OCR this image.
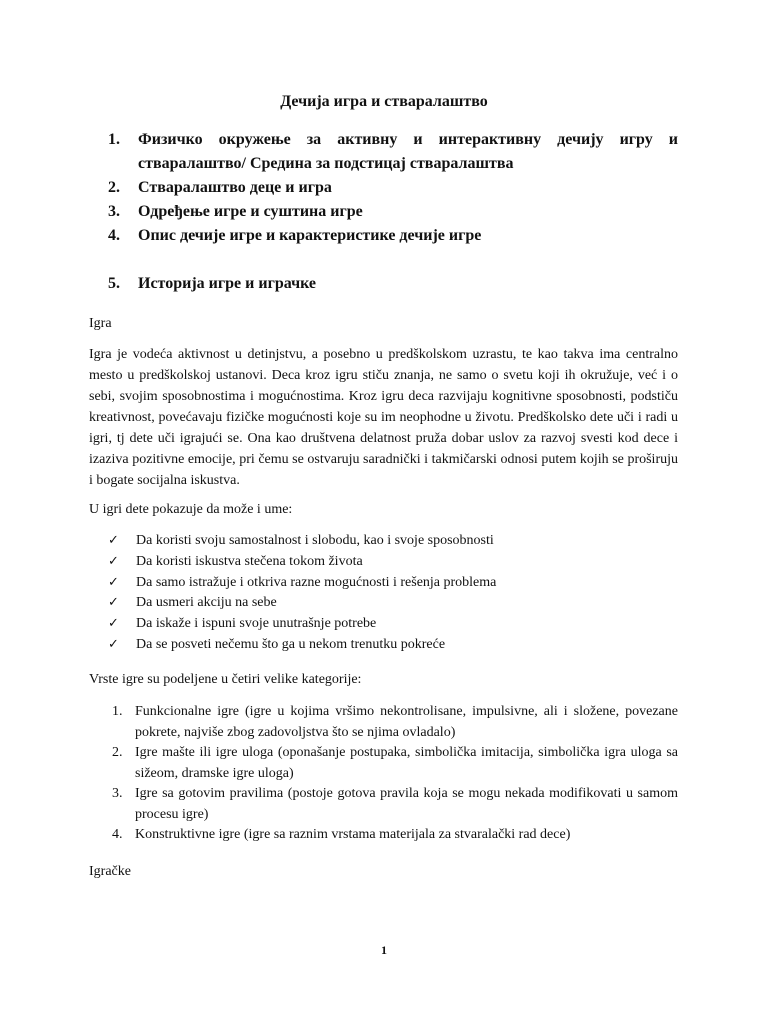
Дечија игра и стваралаштво
1. Физичко окружење за активну и интерактивну дечију игру и стваралаштво/ Средина за подстицај стваралаштва
2. Стваралаштво деце и игра
3. Одређење игре и суштина игре
4. Опис дечије игре и карактеристике дечије игре
5. Историја игре и играчке

Igra

Igra je vodeća aktivnost u detinjstvu, a posebno u predškolskom uzrastu, te kao takva ima centralno mesto u predškolskoj ustanovi. Deca kroz igru stiču znanja, ne samo o svetu koji ih okružuje, već i o sebi, svojim sposobnostima i mogućnostima. Kroz igru deca razvijaju kognitivne sposobnosti, podstiču kreativnost, povećavaju fizičke mogućnosti koje su im neophodne u životu. Predškolsko dete uči i radi u igri, tj dete uči igrajući se. Ona kao društvena delatnost pruža dobar uslov za razvoj svesti kod dece i izaziva pozitivne emocije, pri čemu se ostvaruju saradnički i takmičarski odnosi putem kojih se proširuju i bogate socijalna iskustva.

U igri dete pokazuje da može i ume:

✓ Da koristi svoju samostalnost i slobodu, kao i svoje sposobnosti
✓ Da koristi iskustva stečena tokom života
✓ Da samo istražuje i otkriva razne mogućnosti i rešenja problema
✓ Da usmeri akciju na sebe
✓ Da iskaže i ispuni svoje unutrašnje potrebe
✓ Da se posveti nečemu što ga u nekom trenutku pokreće

Vrste igre su podeljene u četiri velike kategorije:

1. Funkcionalne igre (igre u kojima vršimo nekontrolisane, impulsivne, ali i složene, povezane pokrete, najviše zbog zadovoljstva što se njima ovladalo)
2. Igre mašte ili igre uloga (oponašanje postupaka, simbolička imitacija, simbolička igra uloga sa sižeom, dramske igre uloga)
3. Igre sa gotovim pravilima (postoje gotova pravila koja se mogu nekada modifikovati u samom procesu igre)
4. Konstruktivne igre (igre sa raznim vrstama materijala za stvaralački rad dece)

Igračke

1
